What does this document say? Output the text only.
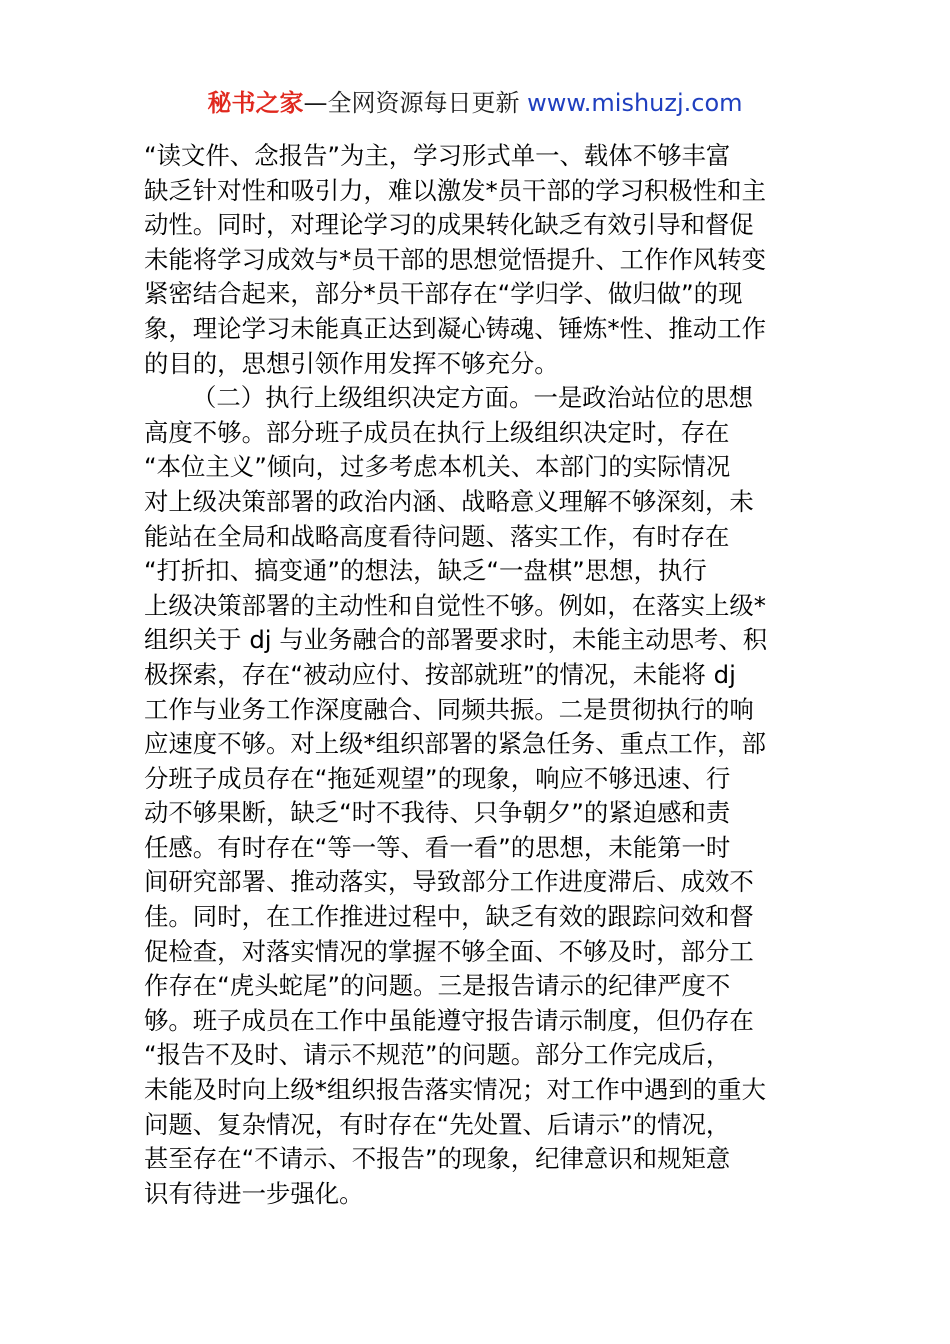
秘书之家—全网资源每日更新 www.mishuzj.com
“读文件、念报告”为主，学习形式单一、载体不够丰富
缺乏针对性和吸引力，难以激发*员干部的学习积极性和主
动性。同时，对理论学习的成果转化缺乏有效引导和督促
未能将学习成效与*员干部的思想觉悟提升、工作作风转变
紧密结合起来，部分*员干部存在“学归学、做归做”的现
象，理论学习未能真正达到凝心铸魂、锤炼*性、推动工作
的目的，思想引领作用发挥不够充分。
（二）执行上级组织决定方面。一是政治站位的思想
高度不够。部分班子成员在执行上级组织决定时，存在
“本位主义”倾向，过多考虑本机关、本部门的实际情况
对上级决策部署的政治内涵、战略意义理解不够深刻，未
能站在全局和战略高度看待问题、落实工作，有时存在
“打折扣、搞变通”的想法，缺乏“一盘棋”思想，执行
上级决策部署的主动性和自觉性不够。例如，在落实上级*
组织关于 dj 与业务融合的部署要求时，未能主动思考、积
极探索，存在“被动应付、按部就班”的情况，未能将 dj
工作与业务工作深度融合、同频共振。二是贯彻执行的响
应速度不够。对上级*组织部署的紧急任务、重点工作，部
分班子成员存在“拖延观望”的现象，响应不够迅速、行
动不够果断，缺乏“时不我待、只争朝夕”的紧迫感和责
任感。有时存在“等一等、看一看”的思想，未能第一时
间研究部署、推动落实，导致部分工作进度滞后、成效不
佳。同时，在工作推进过程中，缺乏有效的跟踪问效和督
促检查，对落实情况的掌握不够全面、不够及时，部分工
作存在“虎头蛇尾”的问题。三是报告请示的纪律严度不
够。班子成员在工作中虽能遵守报告请示制度，但仍存在
“报告不及时、请示不规范”的问题。部分工作完成后，
未能及时向上级*组织报告落实情况；对工作中遇到的重大
问题、复杂情况，有时存在“先处置、后请示”的情况，
甚至存在“不请示、不报告”的现象，纪律意识和规矩意
识有待进一步强化。
